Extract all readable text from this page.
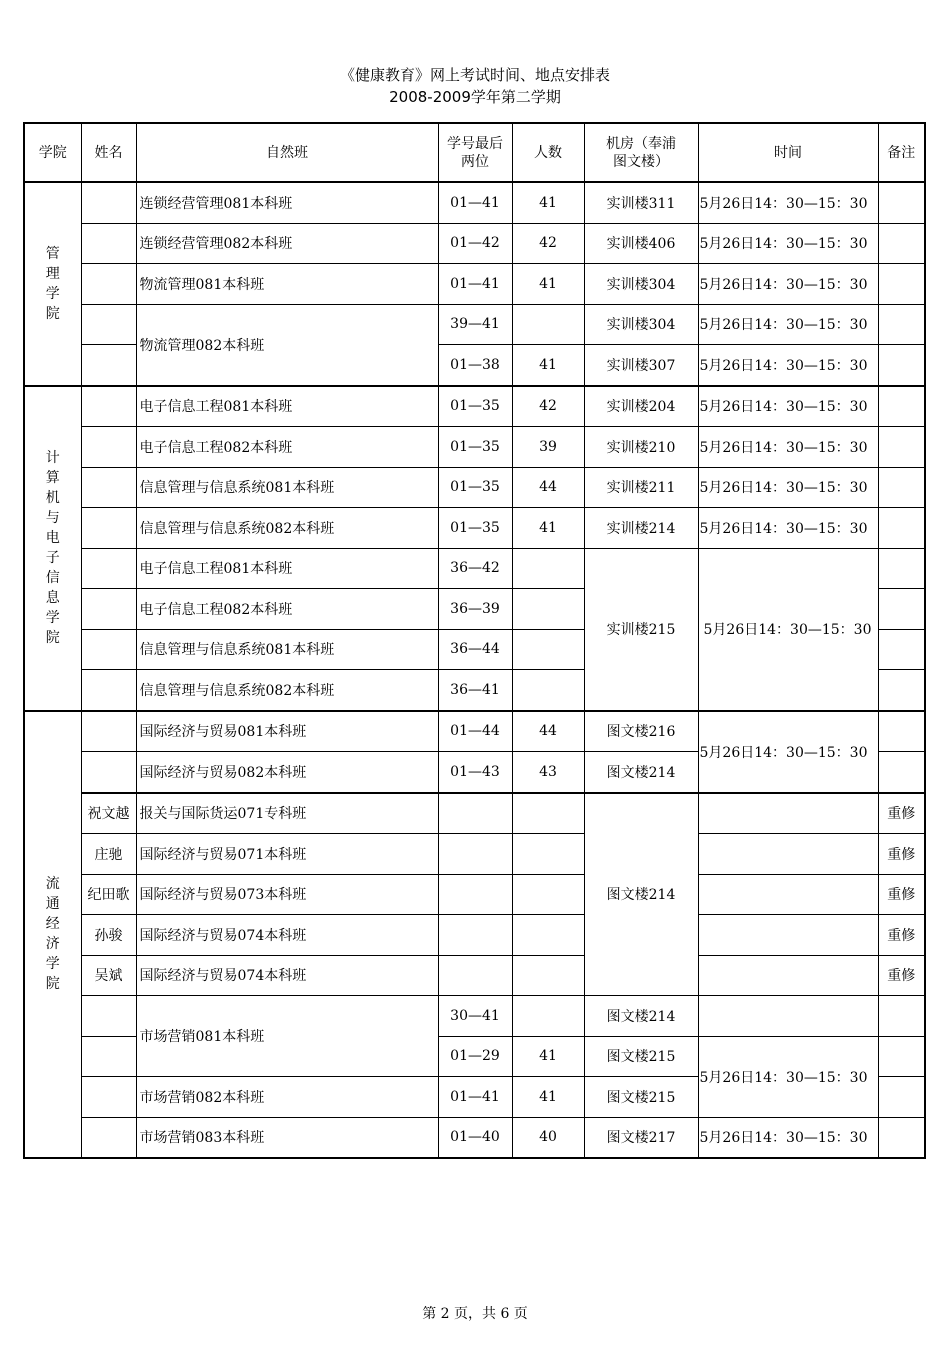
《健康教育》网上考试时间、地点安排表
2008-2009学年第二学期
学院	姓名	自然班	学号最后两位	人数	机房（奉浦图文楼）	时间	备注
管理学院		连锁经营管理081本科班	01—41	41	实训楼311	5月26日14：30—15：30	
		连锁经营管理082本科班	01—42	42	实训楼406	5月26日14：30—15：30	
		物流管理081本科班	01—41	41	实训楼304	5月26日14：30—15：30	
		物流管理082本科班	39—41		实训楼304	5月26日14：30—15：30	
			01—38	41	实训楼307	5月26日14：30—15：30	
计算机与电子信息学院		电子信息工程081本科班	01—35	42	实训楼204	5月26日14：30—15：30	
		电子信息工程082本科班	01—35	39	实训楼210	5月26日14：30—15：30	
		信息管理与信息系统081本科班	01—35	44	实训楼211	5月26日14：30—15：30	
		信息管理与信息系统082本科班	01—35	41	实训楼214	5月26日14：30—15：30	
		电子信息工程081本科班	36—42		实训楼215	5月26日14：30—15：30	
		电子信息工程082本科班	36—39				
		信息管理与信息系统081本科班	36—44				
		信息管理与信息系统082本科班	36—41				
流通经济学院		国际经济与贸易081本科班	01—44	44	图文楼216	5月26日14：30—15：30	
		国际经济与贸易082本科班	01—43	43	图文楼214		
	祝文越	报关与国际货运071专科班			图文楼214		重修
	庄驰	国际经济与贸易071本科班					重修
	纪田歌	国际经济与贸易073本科班					重修
	孙骏	国际经济与贸易074本科班					重修
	吴斌	国际经济与贸易074本科班					重修
		市场营销081本科班	30—41		图文楼214		
			01—29	41	图文楼215	5月26日14：30—15：30	
		市场营销082本科班	01—41	41	图文楼215		
		市场营销083本科班	01—40	40	图文楼217	5月26日14：30—15：30	
第 2 页，共 6 页
